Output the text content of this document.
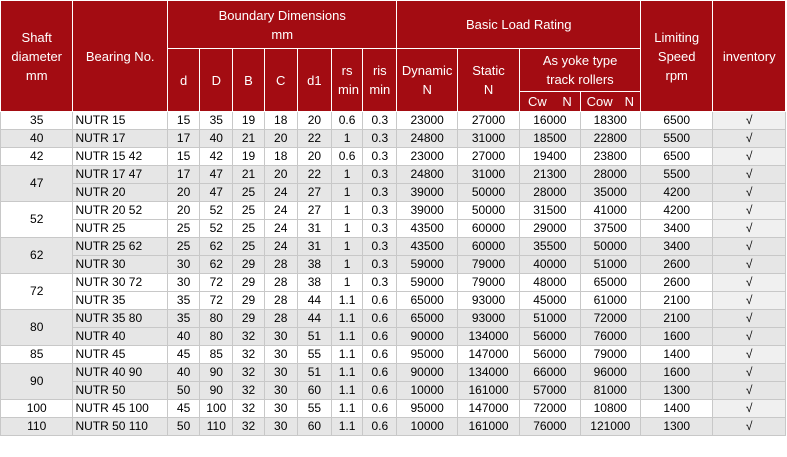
Shaft diameter mm	Bearing No.	Boundary Dimensions mm							Basic Load Rating				Limiting Speed rpm	inventory
		d	D	B	C	d1	rs min	ris min	Dynamic N	Static N	As yoke type track rollers			

											Cw N	Cow N		

35	NUTR 15	15	35	19	18	20	0.6	0.3	23000	27000	16000	18300	6500	√
40	NUTR 17	17	40	21	20	22	1	0.3	24800	31000	18500	22800	5500	√
42	NUTR 15 42	15	42	19	18	20	0.6	0.3	23000	27000	19400	23800	6500	√
47	NUTR 17 47	17	47	21	20	22	1	0.3	24800	31000	21300	28000	5500	√
	NUTR 20	20	47	25	24	27	1	0.3	39000	50000	28000	35000	4200	√
52	NUTR 20 52	20	52	25	24	27	1	0.3	39000	50000	31500	41000	4200	√
	NUTR 25	25	52	25	24	31	1	0.3	43500	60000	29000	37500	3400	√
62	NUTR 25 62	25	62	25	24	31	1	0.3	43500	60000	35500	50000	3400	√
	NUTR 30	30	62	29	28	38	1	0.3	59000	79000	40000	51000	2600	√
72	NUTR 30 72	30	72	29	28	38	1	0.3	59000	79000	48000	65000	2600	√
	NUTR 35	35	72	29	28	44	1.1	0.6	65000	93000	45000	61000	2100	√
80	NUTR 35 80	35	80	29	28	44	1.1	0.6	65000	93000	51000	72000	2100	√
	NUTR 40	40	80	32	30	51	1.1	0.6	90000	134000	56000	76000	1600	√
85	NUTR 45	45	85	32	30	55	1.1	0.6	95000	147000	56000	79000	1400	√
90	NUTR 40 90	40	90	32	30	51	1.1	0.6	90000	134000	66000	96000	1600	√
	NUTR 50	50	90	32	30	60	1.1	0.6	10000	161000	57000	81000	1300	√
100	NUTR 45 100	45	100	32	30	55	1.1	0.6	95000	147000	72000	10800	1400	√
110	NUTR 50 110	50	110	32	30	60	1.1	0.6	10000	161000	76000	121000	1300	√
